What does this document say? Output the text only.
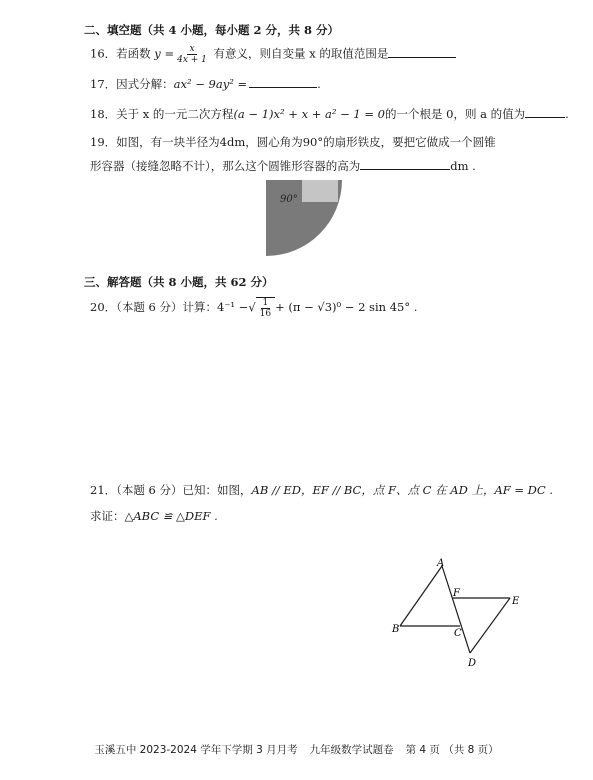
二、填空题（共 4 小题，每小题 2 分，共 8 分）
16．若函数 $y = \frac{x}{4x + 1}$ 有意义，则自变量 x 的取值范围是
17．因式分解：ax² − 9ay² =	.
18．关于 x 的一元二次方程(a − 1)x² + x + a² − 1 = 0的一个根是 0，则 a 的值为	.
19．如图，有一块半径为4dm，圆心角为90°的扇形铁皮，要把它做成一个圆锥
形容器（接缝忽略不计），那么这个圆锥形容器的高为	dm .
90°
三、解答题（共 8 小题，共 62 分）
20．（本题 6 分）计算：4⁻¹ −√ $\frac{1}{16} + (\pi - √3)^0 - 2$ sin 45° .
21．（本题 6 分）已知：如图，AB // ED，EF // BC，点 F、点 C 在 AD 上，AF = DC .
求证：△ABC ≌ △DEF .
A
B	C
D
E
F
玉溪五中 2023-2024 学年下学期 3 月月考 九年级数学试题卷 第 4 页 （共 8 页）
